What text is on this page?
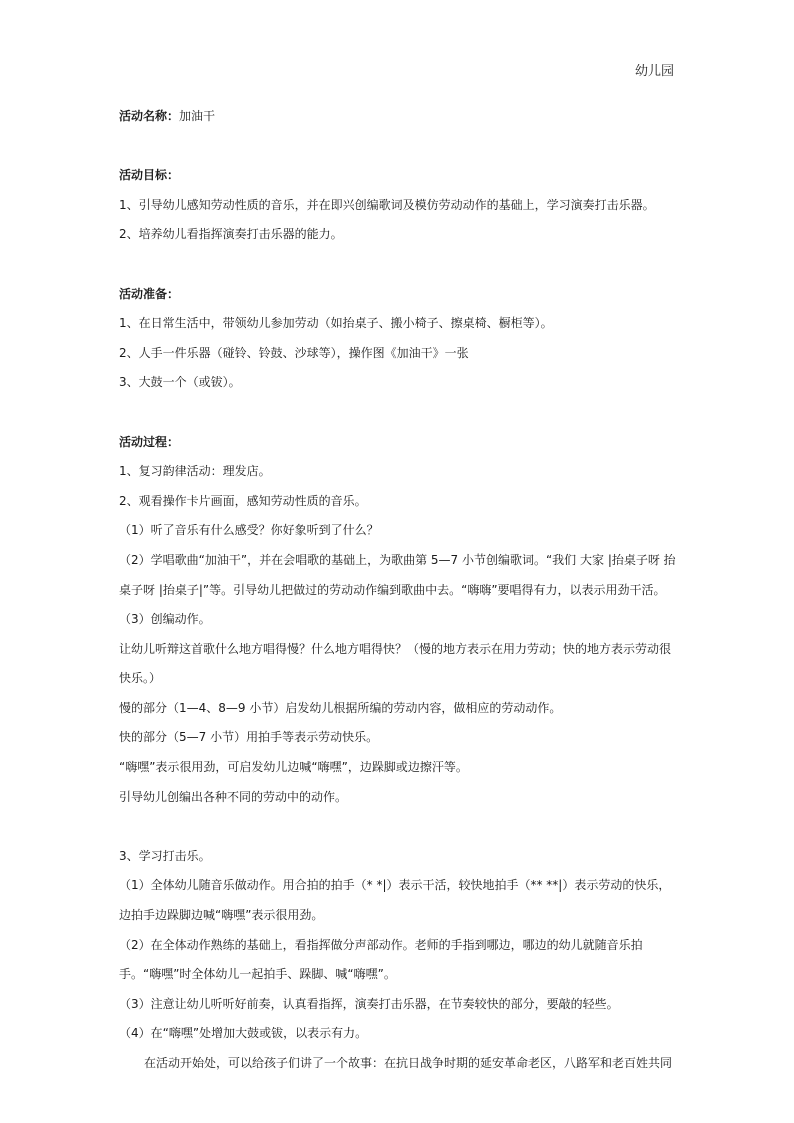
幼儿园
活动名称：加油干
活动目标：
1、引导幼儿感知劳动性质的音乐，并在即兴创编歌词及模仿劳动动作的基础上，学习演奏打击乐器。
2、培养幼儿看指挥演奏打击乐器的能力。
活动准备：
1、在日常生活中，带领幼儿参加劳动（如抬桌子、搬小椅子、擦桌椅、橱柜等）。
2、人手一件乐器（碰铃、铃鼓、沙球等），操作图《加油干》一张
3、大鼓一个（或钹）。
活动过程：
1、复习韵律活动：理发店。
2、观看操作卡片画面，感知劳动性质的音乐。
（1）听了音乐有什么感受？你好象听到了什么？
（2）学唱歌曲“加油干”，并在会唱歌的基础上，为歌曲第 5—7 小节创编歌词。“我们 大家 |抬桌子呀 抬桌子呀 |抬桌子|”等。引导幼儿把做过的劳动动作编到歌曲中去。“嗨嗨”要唱得有力，以表示用劲干活。
（3）创编动作。
让幼儿听辩这首歌什么地方唱得慢？什么地方唱得快？（慢的地方表示在用力劳动；快的地方表示劳动很快乐。）
慢的部分（1—4、8—9 小节）启发幼儿根据所编的劳动内容，做相应的劳动动作。
快的部分（5—7 小节）用拍手等表示劳动快乐。
“嗨嘿”表示很用劲，可启发幼儿边喊“嗨嘿”，边跺脚或边擦汗等。
引导幼儿创编出各种不同的劳动中的动作。
3、学习打击乐。
（1）全体幼儿随音乐做动作。用合拍的拍手（* *|）表示干活，较快地拍手（** **|）表示劳动的快乐，边拍手边跺脚边喊“嗨嘿”表示很用劲。
（2）在全体动作熟练的基础上，看指挥做分声部动作。老师的手指到哪边，哪边的幼儿就随音乐拍手。“嗨嘿”时全体幼儿一起拍手、跺脚、喊“嗨嘿”。
（3）注意让幼儿听听好前奏，认真看指挥，演奏打击乐器，在节奏较快的部分，要敲的轻些。
（4）在“嗨嘿”处增加大鼓或钹，以表示有力。
在活动开始处，可以给孩子们讲了一个故事：在抗日战争时期的延安革命老区，八路军和老百姓共同
